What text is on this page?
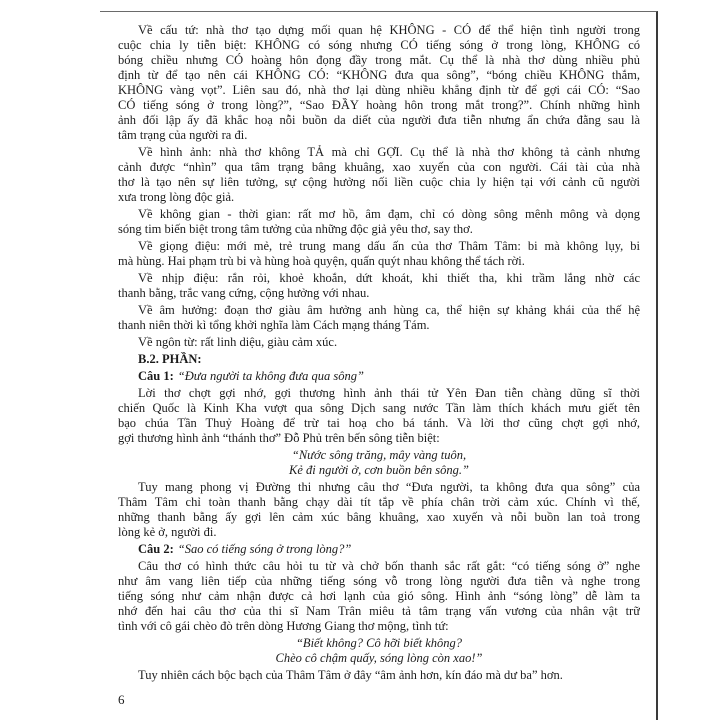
Về cấu tứ: nhà thơ tạo dựng mối quan hệ KHÔNG - CÓ để thể hiện tình người trong
cuộc chia ly tiễn biệt: KHÔNG có sóng nhưng CÓ tiếng sóng ở trong lòng, KHÔNG có
bóng chiều nhưng CÓ hoàng hôn đọng đầy trong mắt. Cụ thể là nhà thơ dùng nhiều phủ
định từ để tạo nên cái KHÔNG CÓ: “KHÔNG đưa qua sông”, “bóng chiều KHÔNG thắm,
KHÔNG vàng vọt”. Liên sau đó, nhà thơ lại dùng nhiều khẳng định từ để gợi cái CÓ: “Sao
CÓ tiếng sóng ở trong lòng?”, “Sao ĐẦY hoàng hôn trong mắt trong?”. Chính những hình
ảnh đối lập ấy đã khắc hoạ nỗi buồn da diết của người đưa tiễn nhưng ẩn chứa đằng sau là
tâm trạng của người ra đi.
Về hình ảnh: nhà thơ không TẢ mà chỉ GỢI. Cụ thể là nhà thơ không tả cảnh nhưng
cảnh được “nhìn” qua tâm trạng bâng khuâng, xao xuyến của con người. Cái tài của nhà
thơ là tạo nên sự liên tưởng, sự cộng hưởng nối liền cuộc chia ly hiện tại với cảnh cũ người
xưa trong lòng độc giả.
Về không gian - thời gian: rất mơ hồ, âm đạm, chỉ có dòng sông mênh mông và dọng
sóng tim biến biệt trong tâm tưởng của những độc giả yêu thơ, say thơ.
Về giọng điệu: mới mẻ, trẻ trung mang dấu ấn của thơ Thâm Tâm: bi mà không lụy, bi
mà hùng. Hai phạm trù bi và hùng hoà quyện, quấn quýt nhau không thể tách rời.
Về nhịp điệu: rắn rỏi, khoẻ khoắn, dứt khoát, khi thiết tha, khi trầm lắng nhờ các
thanh bằng, trắc vang cứng, cộng hưởng với nhau.
Về âm hưởng: đoạn thơ giàu âm hưởng anh hùng ca, thể hiện sự khảng khái của thế hệ
thanh niên thời kì tổng khởi nghĩa làm Cách mạng tháng Tám.
Về ngôn từ: rất linh diệu, giàu cảm xúc.
B.2. PHẦN:
Câu 1: “Đưa người ta không đưa qua sông”
Lời thơ chợt gợi nhớ, gợi thương hình ảnh thái tử Yên Đan tiễn chàng dũng sĩ thời
chiến Quốc là Kinh Kha vượt qua sông Dịch sang nước Tần làm thích khách mưu giết tên
bạo chúa Tần Thuỷ Hoàng để trừ tai hoạ cho bá tánh. Và lời thơ cũng chợt gợi nhớ,
gợi thương hình ảnh “thánh thơ” Đỗ Phủ trên bến sông tiễn biệt:
“Nước sông trăng, mây vàng tuôn,
Kẻ đi người ở, cơn buồn bên sông.”
Tuy mang phong vị Đường thi nhưng câu thơ “Đưa người, ta không đưa qua sông” của
Thâm Tâm chỉ toàn thanh bằng chạy dài tít tắp về phía chân trời cảm xúc. Chính vì thế,
những thanh bằng ấy gợi lên cảm xúc bâng khuâng, xao xuyến và nỗi buồn lan toả trong
lòng kẻ ở, người đi.
Câu 2: “Sao có tiếng sóng ở trong lòng?”
Câu thơ có hình thức câu hỏi tu từ và chở bốn thanh sắc rất gắt: “có tiếng sóng ở” nghe
như âm vang liên tiếp của những tiếng sóng vỗ trong lòng người đưa tiễn và nghe trong
tiếng sóng như cảm nhận được cả hơi lạnh của gió sông. Hình ảnh “sóng lòng” dễ làm ta
nhớ đến hai câu thơ của thi sĩ Nam Trân miêu tả tâm trạng vấn vương của nhân vật trữ
tình với cô gái chèo đò trên dòng Hương Giang thơ mộng, tình tứ:
“Biết không? Cô hỡi biết không?
Chèo cô chậm quấy, sóng lòng còn xao!”
Tuy nhiên cách bộc bạch của Thâm Tâm ở đây “âm ảnh hơn, kín đáo mà dư ba” hơn.
6
